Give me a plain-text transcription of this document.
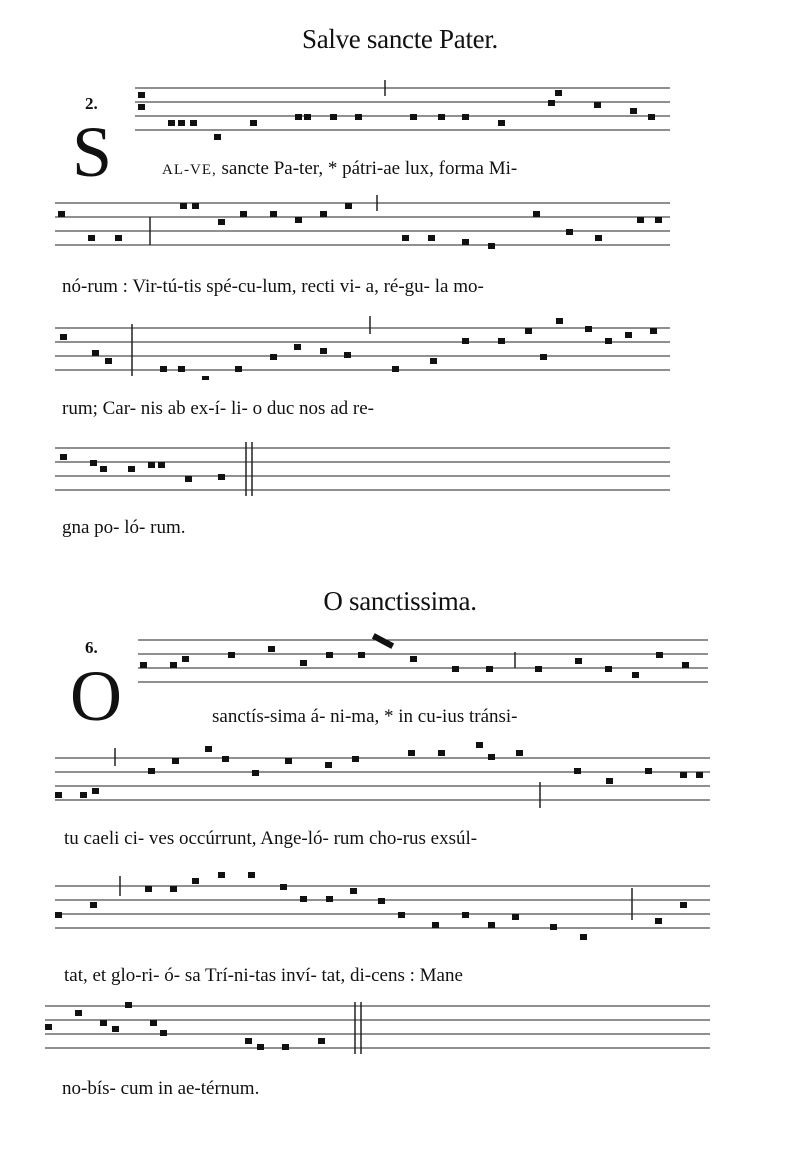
Salve sancte Pater.
2.
S	AL-VE, sancte Pa-ter, * pátri-ae lux, forma Mi-
nó-rum : Vir-tú-tis spé-cu-lum, recti vi- a, ré-gu- la mo-
rum; Car- nis ab ex-í- li- o duc nos ad re-
gna po- ló- rum.
O sanctissima.
6.
O	sanctís-sima á- ni-ma, * in cu-ius tránsi-
tu caeli ci- ves occúrrunt, Ange-ló- rum cho-rus exsúl-
tat, et glo-ri- ó- sa Trí-ni-tas inví- tat, di-cens : Mane
no-bís- cum in ae-térnum.
